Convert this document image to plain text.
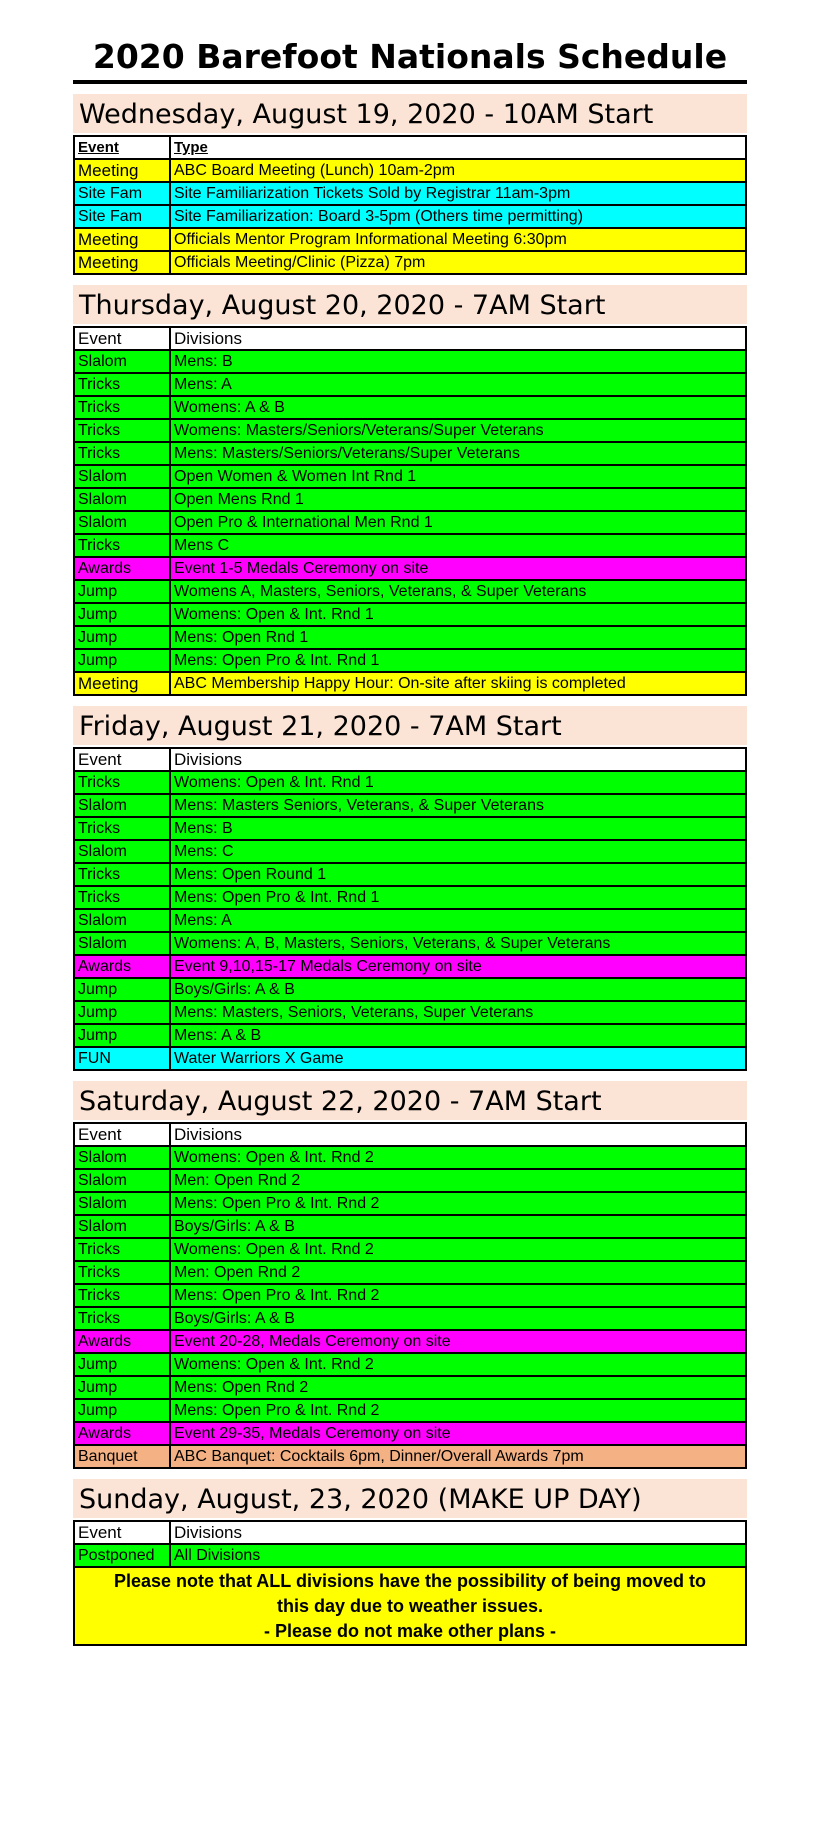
2020 Barefoot Nationals Schedule
Wednesday, August 19, 2020 - 10AM Start
Event	Type
Meeting	ABC Board Meeting (Lunch) 10am-2pm
Site Fam	Site Familiarization Tickets Sold by Registrar 11am-3pm
Site Fam	Site Familiarization: Board 3-5pm (Others time permitting)
Meeting	Officials Mentor Program Informational Meeting 6:30pm
Meeting	Officials Meeting/Clinic (Pizza) 7pm
Thursday, August 20, 2020 - 7AM Start
Event	Divisions
Slalom	Mens: B
Tricks	Mens: A
Tricks	Womens: A & B
Tricks	Womens: Masters/Seniors/Veterans/Super Veterans
Tricks	Mens: Masters/Seniors/Veterans/Super Veterans
Slalom	Open Women & Women Int Rnd 1
Slalom	Open Mens Rnd 1
Slalom	Open Pro & International Men Rnd 1
Tricks	Mens C
Awards	Event 1-5 Medals Ceremony on site
Jump	Womens A, Masters, Seniors, Veterans, & Super Veterans
Jump	Womens: Open & Int. Rnd 1
Jump	Mens: Open Rnd 1
Jump	Mens: Open Pro & Int. Rnd 1
Meeting	ABC Membership Happy Hour: On-site after skiing is completed
Friday, August 21, 2020 - 7AM Start
Event	Divisions
Tricks	Womens: Open & Int. Rnd 1
Slalom	Mens: Masters Seniors, Veterans, & Super Veterans
Tricks	Mens: B
Slalom	Mens: C
Tricks	Mens: Open Round 1
Tricks	Mens: Open Pro & Int. Rnd 1
Slalom	Mens: A
Slalom	Womens: A, B, Masters, Seniors, Veterans, & Super Veterans
Awards	Event 9,10,15-17 Medals Ceremony on site
Jump	Boys/Girls: A & B
Jump	Mens: Masters, Seniors, Veterans, Super Veterans
Jump	Mens: A & B
FUN	Water Warriors X Game
Saturday, August 22, 2020 - 7AM Start
Event	Divisions
Slalom	Womens: Open & Int. Rnd 2
Slalom	Men: Open Rnd 2
Slalom	Mens: Open Pro & Int. Rnd 2
Slalom	Boys/Girls: A & B
Tricks	Womens: Open & Int. Rnd 2
Tricks	Men: Open Rnd 2
Tricks	Mens: Open Pro & Int. Rnd 2
Tricks	Boys/Girls: A & B
Awards	Event 20-28, Medals Ceremony on site
Jump	Womens: Open & Int. Rnd 2
Jump	Mens: Open Rnd 2
Jump	Mens: Open Pro & Int. Rnd 2
Awards	Event 29-35, Medals Ceremony on site
Banquet	ABC Banquet: Cocktails 6pm, Dinner/Overall Awards 7pm
Sunday, August, 23, 2020 (MAKE UP DAY)
Event	Divisions
Postponed	All Divisions

Please note that ALL divisions have the possibility of being moved to
this day due to weather issues.
- Please do not make other plans -	
